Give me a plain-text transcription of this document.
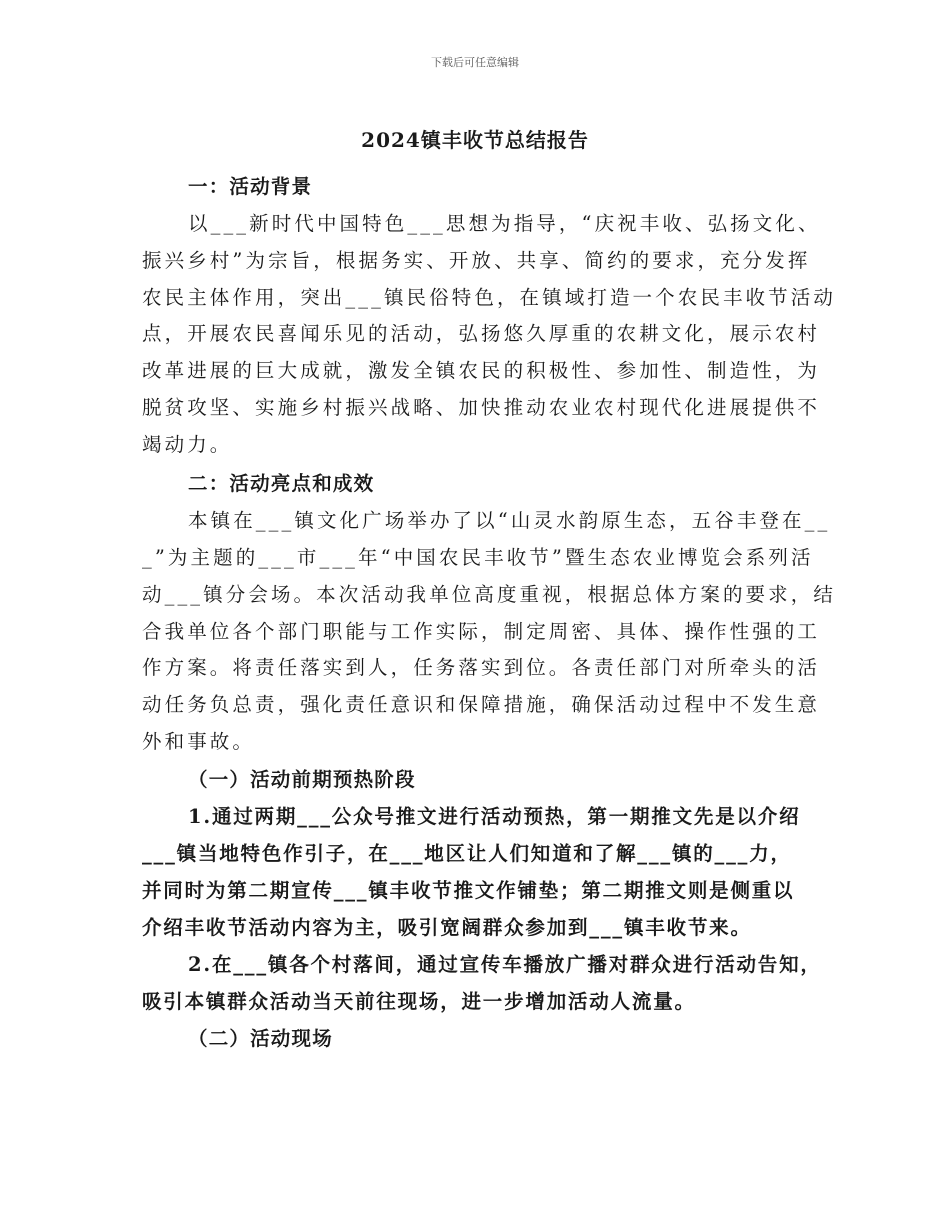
下载后可任意编辑
2024镇丰收节总结报告
一：活动背景
以___新时代中国特色___思想为指导，“庆祝丰收、弘扬文化、
振兴乡村”为宗旨，根据务实、开放、共享、简约的要求，充分发挥
农民主体作用，突出___镇民俗特色，在镇域打造一个农民丰收节活动
点，开展农民喜闻乐见的活动，弘扬悠久厚重的农耕文化，展示农村
改革进展的巨大成就，激发全镇农民的积极性、参加性、制造性，为
脱贫攻坚、实施乡村振兴战略、加快推动农业农村现代化进展提供不
竭动力。
二：活动亮点和成效
本镇在___镇文化广场举办了以“山灵水韵原生态，五谷丰登在__
_”为主题的___市___年“中国农民丰收节”暨生态农业博览会系列活
动___镇分会场。本次活动我单位高度重视，根据总体方案的要求，结
合我单位各个部门职能与工作实际，制定周密、具体、操作性强的工
作方案。将责任落实到人，任务落实到位。各责任部门对所牵头的活
动任务负总责，强化责任意识和保障措施，确保活动过程中不发生意
外和事故。
（一）活动前期预热阶段
1.通过两期___公众号推文进行活动预热，第一期推文先是以介绍
___镇当地特色作引子，在___地区让人们知道和了解___镇的___力，
并同时为第二期宣传___镇丰收节推文作铺垫；第二期推文则是侧重以
介绍丰收节活动内容为主，吸引宽阔群众参加到___镇丰收节来。
2.在___镇各个村落间，通过宣传车播放广播对群众进行活动告知，
吸引本镇群众活动当天前往现场，进一步增加活动人流量。
（二）活动现场
